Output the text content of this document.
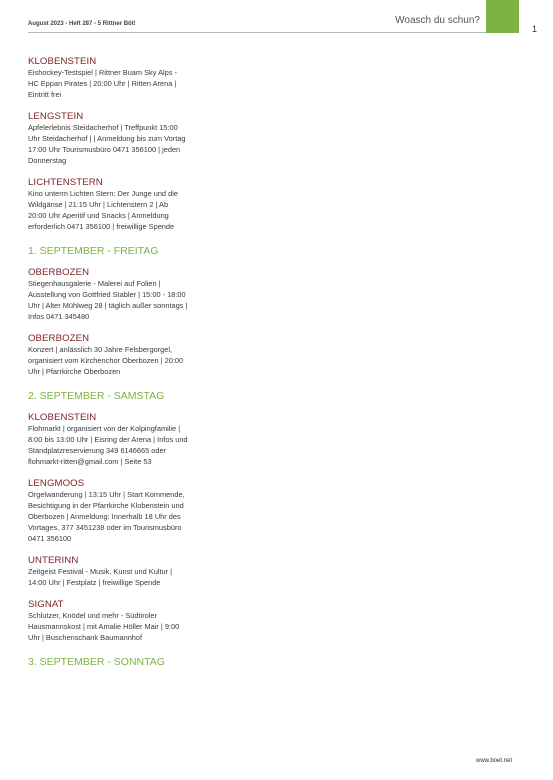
August 2023 - Heft 287 - 5 Rittner Böt!	Woasch du schun?
1
KLOBENSTEIN
Eishockey-Testspiel | Rittner Buam Sky Alps - HC Eppan Pirates | 20:00 Uhr | Ritten Arena | Eintritt frei
LENGSTEIN
Apfelerlebnis Steidacherhof | Treffpunkt 15:00 Uhr Steidacherhof | | Anmeldung bis zum Vortag 17:00 Uhr Tourismusbüro 0471 356100 | jeden Donnerstag
LICHTENSTERN
Kino unterm Lichten Stern: Der Junge und die Wildgänse | 21:15 Uhr | Lichtenstern 2 | Ab 20:00 Uhr Aperitif und Snacks | Anmeldung erforderlich 0471 356100 | freiwillige Spende
1. SEPTEMBER - FREITAG
OBERBOZEN
Stiegenhausgalerie - Malerei auf Folien | Ausstellung von Gottfried Stabler | 15:00 - 18:00 Uhr | Alter Mühlweg 28 | täglich außer sonntags | Infos 0471 345480
OBERBOZEN
Konzert | anlässlich 30 Jahre Felsbergorgel, organisiert vom Kirchenchor Oberbozen | 20:00 Uhr | Pfarrkirche Oberbozen
2. SEPTEMBER - SAMSTAG
KLOBENSTEIN
Flohmarkt | organisiert von der Kolpingfamilie | 8:00 bis 13:00 Uhr | Eisring der Arena | Infos und Standplatzreservierung 349 6146665 oder flohmarkt-ritten@gmail.com | Seite 53
LENGMOOS
Orgelwanderung | 13:15 Uhr | Start Kommende, Besichtigung in der Pfarrkirche Klobenstein und Oberbozen | Anmeldung: Innerhalb 18 Uhr des Vortages, 377 3451238 oder im Tourismusbüro 0471 356100
UNTERINN
Zeitgeist Festival - Musik, Kunst und Kultur | 14:00 Uhr | Festplatz | freiwillige Spende
SIGNAT
Schlutzer, Knödel und mehr - Südtiroler Hausmannskost | mit Amalie Höller Mair | 9:00 Uhr | Buschenschank Baumannhof
3. SEPTEMBER - SONNTAG
www.boet.net
